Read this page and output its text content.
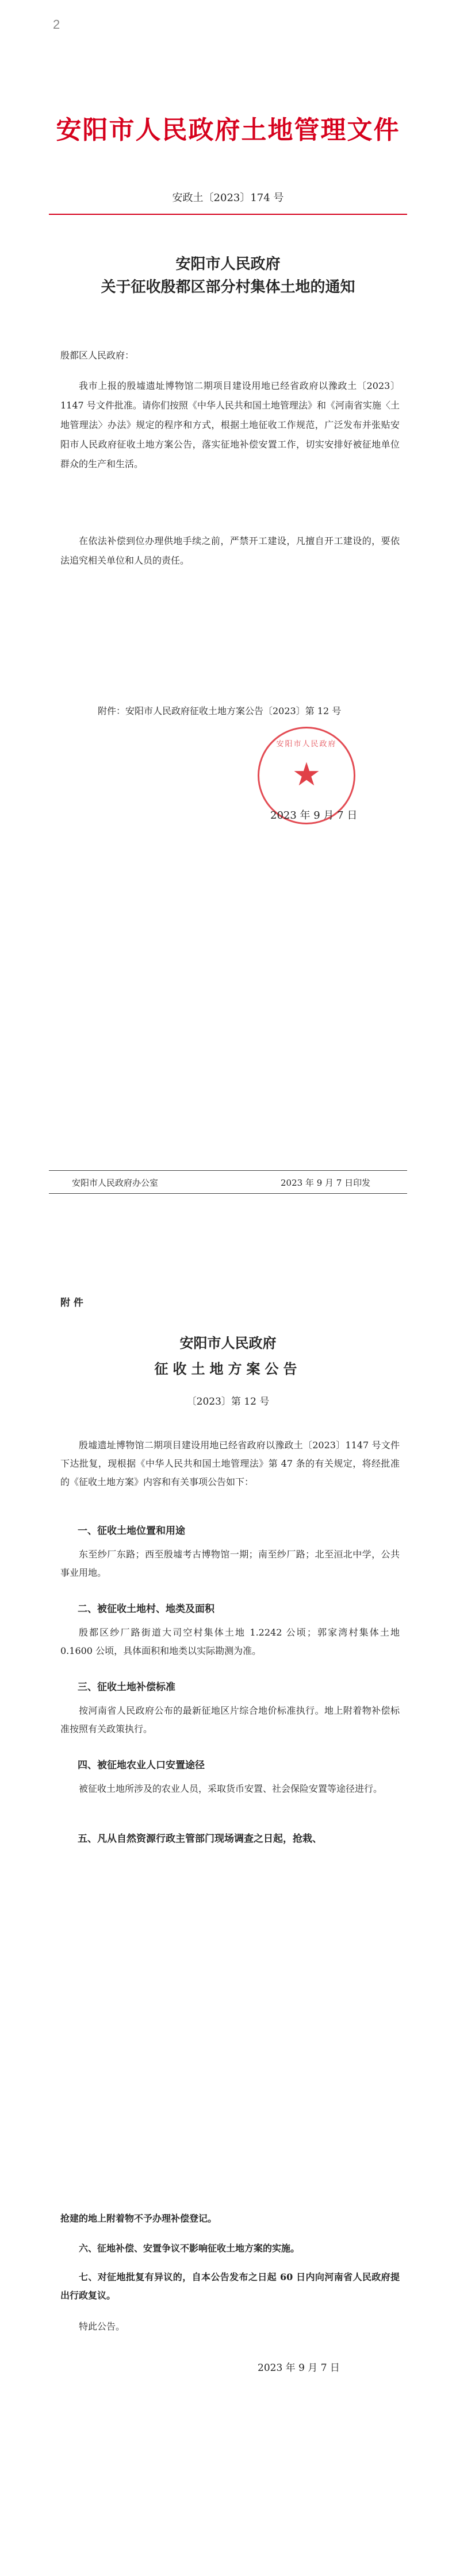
2
安阳市人民政府土地管理文件
安政土〔2023〕174 号
安阳市人民政府
关于征收殷都区部分村集体土地的通知
殷都区人民政府：
我市上报的殷墟遗址博物馆二期项目建设用地已经省政府以豫政土〔2023〕1147 号文件批准。请你们按照《中华人民共和国土地管理法》和《河南省实施〈土地管理法〉办法》规定的程序和方式，根据土地征收工作规范，广泛发布并张贴安阳市人民政府征收土地方案公告，落实征地补偿安置工作，切实安排好被征地单位群众的生产和生活。
在依法补偿到位办理供地手续之前，严禁开工建设，凡擅自开工建设的，要依法追究相关单位和人员的责任。
附件：安阳市人民政府征收土地方案公告〔2023〕第 12 号
安阳市人民政府
★
2023 年 9 月 7 日
安阳市人民政府办公室	2023 年 9 月 7 日印发
附 件
安阳市人民政府
征收土地方案公告
〔2023〕第 12 号
殷墟遗址博物馆二期项目建设用地已经省政府以豫政土〔2023〕1147 号文件下达批复，现根据《中华人民共和国土地管理法》第 47 条的有关规定，将经批准的《征收土地方案》内容和有关事项公告如下：
一、征收土地位置和用途
东至纱厂东路；西至殷墟考古博物馆一期；南至纱厂路；北至洹北中学，公共事业用地。
二、被征收土地村、地类及面积
殷都区纱厂路街道大司空村集体土地 1.2242 公顷；郭家湾村集体土地 0.1600 公顷，具体面积和地类以实际勘测为准。
三、征收土地补偿标准
按河南省人民政府公布的最新征地区片综合地价标准执行。地上附着物补偿标准按照有关政策执行。
四、被征地农业人口安置途径
被征收土地所涉及的农业人员，采取货币安置、社会保险安置等途径进行。
五、凡从自然资源行政主管部门现场调查之日起，抢栽、
抢建的地上附着物不予办理补偿登记。
六、征地补偿、安置争议不影响征收土地方案的实施。
七、对征地批复有异议的，自本公告发布之日起 60 日内向河南省人民政府提出行政复议。
特此公告。
2023 年 9 月 7 日
